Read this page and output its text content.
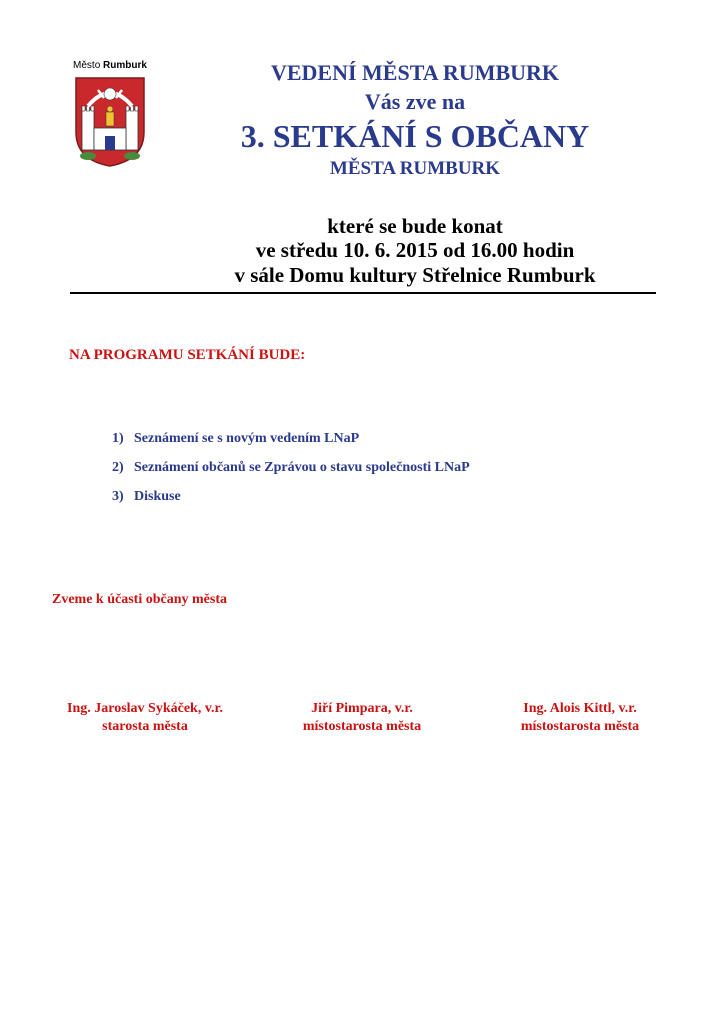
Město Rumburk	VEDENÍ MĚSTA RUMBURK
Vás zve na
3. SETKÁNÍ S OBČANY
MĚSTA RUMBURK
které se bude konat
ve středu 10. 6. 2015 od 16.00 hodin
v sále Domu kultury Střelnice Rumburk
NA PROGRAMU SETKÁNÍ BUDE:
1) Seznámení se s novým vedením LNaP
2) Seznámení občanů se Zprávou o stavu společnosti LNaP
3) Diskuse
Zveme k účasti občany města
Ing. Jaroslav Sykáček, v.r.
starosta města
Jiří Pimpara, v.r.
místostarosta města
Ing. Alois Kittl, v.r.
místostarosta města
